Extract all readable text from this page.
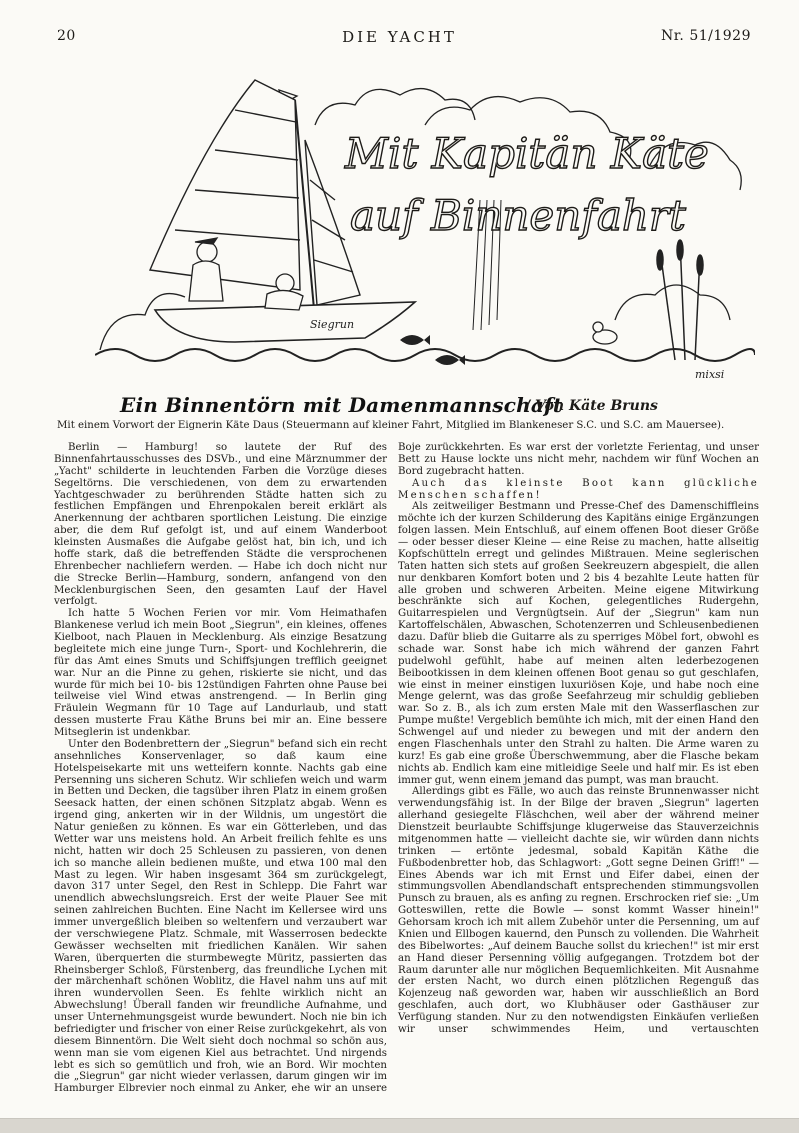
20	DIE YACHT	Nr. 51/1929
Siegrun
Mit Kapitän Käte
auf Binnenfahrt
mixsi
Ein Binnentörn mit Damenmannschaft
/ Von Käte Bruns
Mit einem Vorwort der Eignerin Käte Daus (Steuermann auf kleiner Fahrt, Mitglied im Blankeneser S.C. und S.C. am Mauersee).

Berlin — Hamburg! so lautete der Ruf des Binnenfahrtausschusses des DSVb., und eine Märznummer der „Yacht" schilderte in leuchtenden Farben die Vorzüge dieses Segeltörns. Die verschiedenen, von dem zu erwartenden Yachtgeschwader zu berührenden Städte hatten sich zu festlichen Empfängen und Ehrenpokalen bereit erklärt als Anerkennung der achtbaren sportlichen Leistung. Die einzige aber, die dem Ruf gefolgt ist, und auf einem Wanderboot kleinsten Ausmaßes die Aufgabe gelöst hat, bin ich, und ich hoffe stark, daß die betreffenden Städte die versprochenen Ehrenbecher nachliefern werden. — Habe ich doch nicht nur die Strecke Berlin—Hamburg, sondern, anfangend von den Mecklenburgischen Seen, den gesamten Lauf der Havel verfolgt.

Ich hatte 5 Wochen Ferien vor mir. Vom Heimathafen Blankenese verlud ich mein Boot „Siegrun", ein kleines, offenes Kielboot, nach Plauen in Mecklenburg. Als einzige Besatzung begleitete mich eine junge Turn-, Sport- und Kochlehrerin, die für das Amt eines Smuts und Schiffsjungen trefflich geeignet war. Nur an die Pinne zu gehen, riskierte sie nicht, und das wurde für mich bei 10- bis 12stündigen Fahrten ohne Pause bei teilweise viel Wind etwas anstrengend. — In Berlin ging Fräulein Wegmann für 10 Tage auf Landurlaub, und statt dessen musterte Frau Käthe Bruns bei mir an. Eine bessere Mitseglerin ist undenkbar.

Unter den Bodenbrettern der „Siegrun" befand sich ein recht ansehnliches Konservenlager, so daß kaum eine Hotelspeisekarte mit uns wetteifern konnte. Nachts gab eine Persenning uns sicheren Schutz. Wir schliefen weich und warm in Betten und Decken, die tagsüber ihren Platz in einem großen Seesack hatten, der einen schönen Sitzplatz abgab. Wenn es irgend ging, ankerten wir in der Wildnis, um ungestört die Natur genießen zu können. Es war ein Götterleben, und das Wetter war uns meistens hold. An Arbeit freilich fehlte es uns nicht, hatten wir doch 25 Schleusen zu passieren, von denen ich so manche allein bedienen mußte, und etwa 100 mal den Mast zu legen. Wir haben insgesamt 364 sm zurückgelegt, davon 317 unter Segel, den Rest in Schlepp. Die Fahrt war unendlich abwechslungsreich. Erst der weite Plauer See mit seinen zahlreichen Buchten. Eine Nacht im Kellersee wird uns immer unvergeßlich bleiben so weltenfern und verzaubert war der verschwiegene Platz. Schmale, mit Wasserrosen bedeckte Gewässer wechselten mit friedlichen Kanälen. Wir sahen Waren, überquerten die sturmbewegte Müritz, passierten das Rheinsberger Schloß, Fürstenberg, das freundliche Lychen mit der märchenhaft schönen Woblitz, die Havel nahm uns auf mit ihren wundervollen Seen. Es fehlte wirklich nicht an Abwechslung! Überall fanden wir freundliche Aufnahme, und unser Unternehmungsgeist wurde bewundert. Noch nie bin ich befriedigter und frischer von einer Reise zurückgekehrt, als von diesem Binnentörn. Die Welt sieht doch nochmal so schön aus, wenn man sie vom eigenen Kiel aus betrachtet. Und nirgends lebt es sich so gemütlich und froh, wie an Bord. Wir mochten die „Siegrun" gar nicht wieder verlassen, darum gingen wir im Hamburger Elbrevier noch einmal zu Anker, ehe wir an unsere

Boje zurückkehrten. Es war erst der vorletzte Ferientag, und unser Bett zu Hause lockte uns nicht mehr, nachdem wir fünf Wochen an Bord zugebracht hatten.

Auch das kleinste Boot kann glückliche Menschen schaffen!

Als zeitweiliger Bestmann und Presse-Chef des Damenschiffleins möchte ich der kurzen Schilderung des Kapitäns einige Ergänzungen folgen lassen. Mein Entschluß, auf einem offenen Boot dieser Größe — oder besser dieser Kleine — eine Reise zu machen, hatte allseitig Kopfschütteln erregt und gelindes Mißtrauen. Meine seglerischen Taten hatten sich stets auf großen Seekreuzern abgespielt, die allen nur denkbaren Komfort boten und 2 bis 4 bezahlte Leute hatten für alle groben und schweren Arbeiten. Meine eigene Mitwirkung beschränkte sich auf Kochen, gelegentliches Rudergehn, Guitarrespielen und Vergnügtsein. Auf der „Siegrun" kam nun Kartoffelschälen, Abwaschen, Schotenzerren und Schleusenbedienen dazu. Dafür blieb die Guitarre als zu sperriges Möbel fort, obwohl es schade war. Sonst habe ich mich während der ganzen Fahrt pudelwohl gefühlt, habe auf meinen alten lederbezogenen Beibootkissen in dem kleinen offenen Boot genau so gut geschlafen, wie einst in meiner einstigen luxuriösen Koje, und habe noch eine Menge gelernt, was das große Seefahrzeug mir schuldig geblieben war. So z. B., als ich zum ersten Male mit den Wasserflaschen zur Pumpe mußte! Vergeblich bemühte ich mich, mit der einen Hand den Schwengel auf und nieder zu bewegen und mit der andern den engen Flaschenhals unter den Strahl zu halten. Die Arme waren zu kurz! Es gab eine große Überschwemmung, aber die Flasche bekam nichts ab. Endlich kam eine mitleidige Seele und half mir. Es ist eben immer gut, wenn einem jemand das pumpt, was man braucht.

Allerdings gibt es Fälle, wo auch das reinste Brunnenwasser nicht verwendungsfähig ist. In der Bilge der braven „Siegrun" lagerten allerhand gesiegelte Fläschchen, weil aber der während meiner Dienstzeit beurlaubte Schiffsjunge klugerweise das Stauverzeichnis mitgenommen hatte — vielleicht dachte sie, wir würden dann nichts trinken — ertönte jedesmal, sobald Kapitän Käthe die Fußbodenbretter hob, das Schlagwort: „Gott segne Deinen Griff!" — Eines Abends war ich mit Ernst und Eifer dabei, einen der stimmungsvollen Abendlandschaft entsprechenden stimmungsvollen Punsch zu brauen, als es anfing zu regnen. Erschrocken rief sie: „Um Gotteswillen, rette die Bowle — sonst kommt Wasser hinein!" Gehorsam kroch ich mit allem Zubehör unter die Persenning, um auf Knien und Ellbogen kauernd, den Punsch zu vollenden. Die Wahrheit des Bibelwortes: „Auf deinem Bauche sollst du kriechen!" ist mir erst an Hand dieser Persenning völlig aufgegangen. Trotzdem bot der Raum darunter alle nur möglichen Bequemlichkeiten. Mit Ausnahme der ersten Nacht, wo durch einen plötzlichen Regenguß das Kojenzeug naß geworden war, haben wir ausschließlich an Bord geschlafen, auch dort, wo Klubhäuser oder Gasthäuser zur Verfügung standen. Nur zu den notwendigsten Einkäufen verließen wir unser schwimmendes Heim, und vertauschten
